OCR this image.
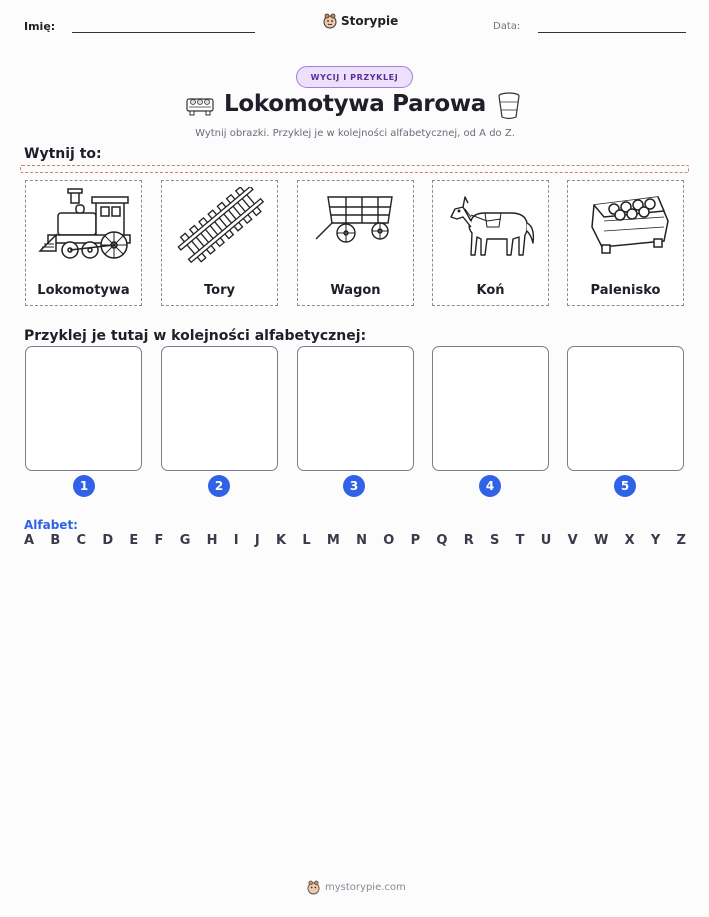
Imię:	Storypie	Data:
WYCIJ I PRZYKLEJ
Lokomotywa Parowa
Wytnij obrazki. Przyklej je w kolejności alfabetycznej, od A do Z.
Wytnij to:
Lokomotywa	Tory	Wagon	Koń	Palenisko
Przyklej je tutaj w kolejności alfabetycznej:
1	2	3	4	5
Alfabet:
A B C D E F G H I J K L M N O P Q R S T U V W X Y Z
mystorypie.com
